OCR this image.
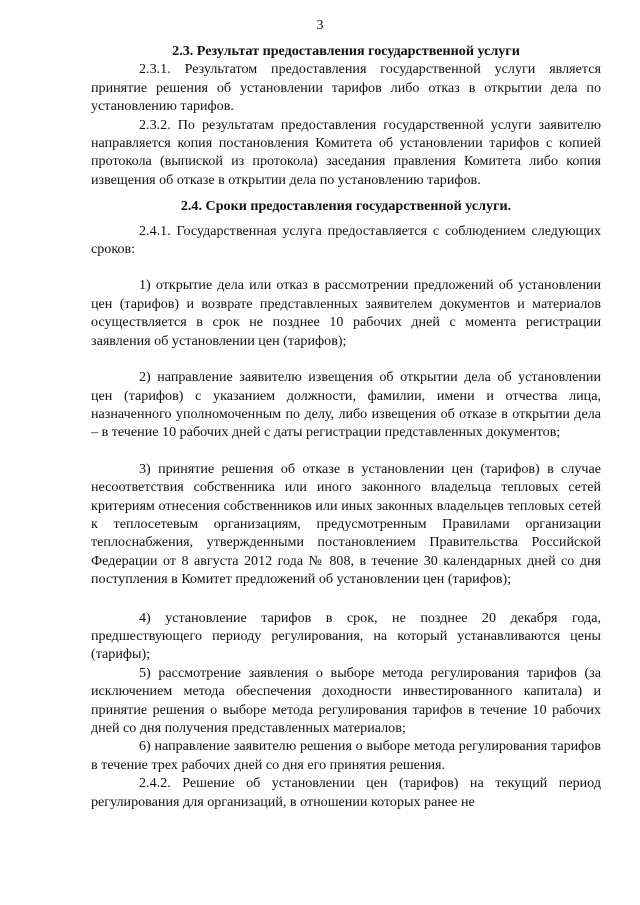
3
2.3. Результат предоставления государственной услуги

2.3.1. Результатом предоставления государственной услуги является принятие решения об установлении тарифов либо отказ в открытии дела по установлению тарифов.

2.3.2. По результатам предоставления государственной услуги заявителю направляется копия постановления Комитета об установлении тарифов с копией протокола (выпиской из протокола) заседания правления Комитета либо копия извещения об отказе в открытии дела по установлению тарифов.

2.4. Сроки предоставления государственной услуги.

2.4.1. Государственная услуга предоставляется с соблюдением следующих сроков:

1) открытие дела или отказ в рассмотрении предложений об установлении цен (тарифов) и возврате представленных заявителем документов и материалов осуществляется в срок не позднее 10 рабочих дней с момента регистрации заявления об установлении цен (тарифов);

2) направление заявителю извещения об открытии дела об установлении цен (тарифов) с указанием должности, фамилии, имени и отчества лица, назначенного уполномоченным по делу, либо извещения об отказе в открытии дела – в течение 10 рабочих дней с даты регистрации представленных документов;

3) принятие решения об отказе в установлении цен (тарифов) в случае несоответствия собственника или иного законного владельца тепловых сетей критериям отнесения собственников или иных законных владельцев тепловых сетей к теплосетевым организациям, предусмотренным Правилами организации теплоснабжения, утвержденными постановлением Правительства Российской Федерации от 8 августа 2012 года № 808, в течение 30 календарных дней со дня поступления в Комитет предложений об установлении цен (тарифов);

4) установление тарифов в срок, не позднее 20 декабря года, предшествующего периоду регулирования, на который устанавливаются цены (тарифы);

5) рассмотрение заявления о выборе метода регулирования тарифов (за исключением метода обеспечения доходности инвестированного капитала) и принятие решения о выборе метода регулирования тарифов в течение 10 рабочих дней со дня получения представленных материалов;

6) направление заявителю решения о выборе метода регулирования тарифов в течение трех рабочих дней со дня его принятия решения.

2.4.2. Решение об установлении цен (тарифов) на текущий период регулирования для организаций, в отношении которых ранее не
